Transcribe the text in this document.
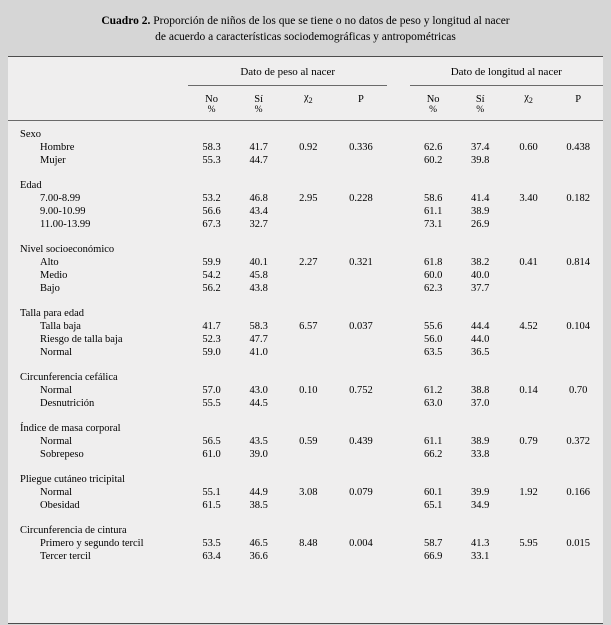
Cuadro 2. Proporción de niños de los que se tiene o no datos de peso y longitud al nacer
de acuerdo a características sociodemográficas y antropométricas
	Dato de peso al nacer					Dato de longitud al nacer			
	No	Sí	$\chi_2$	P		No	Sí	$\chi_2$	P
	%	%				%	%		

Sexo									
Hombre	58.3	41.7	0.92	0.336		62.6	37.4	0.60	0.438
Mujer	55.3	44.7				60.2	39.8		

Edad									
7.00-8.99	53.2	46.8	2.95	0.228		58.6	41.4	3.40	0.182
9.00-10.99	56.6	43.4				61.1	38.9		
11.00-13.99	67.3	32.7				73.1	26.9		

Nivel socioeconómico									
Alto	59.9	40.1	2.27	0.321		61.8	38.2	0.41	0.814
Medio	54.2	45.8				60.0	40.0		
Bajo	56.2	43.8				62.3	37.7		

Talla para edad									
Talla baja	41.7	58.3	6.57	0.037		55.6	44.4	4.52	0.104
Riesgo de talla baja	52.3	47.7				56.0	44.0		
Normal	59.0	41.0				63.5	36.5		

Circunferencia cefálica									
Normal	57.0	43.0	0.10	0.752		61.2	38.8	0.14	0.70
Desnutrición	55.5	44.5				63.0	37.0		

Índice de masa corporal									
Normal	56.5	43.5	0.59	0.439		61.1	38.9	0.79	0.372
Sobrepeso	61.0	39.0				66.2	33.8		

Pliegue cutáneo tricipital									
Normal	55.1	44.9	3.08	0.079		60.1	39.9	1.92	0.166
Obesidad	61.5	38.5				65.1	34.9		

Circunferencia de cintura									
Primero y segundo tercil	53.5	46.5	8.48	0.004		58.7	41.3	5.95	0.015
Tercer tercil	63.4	36.6				66.9	33.1		
